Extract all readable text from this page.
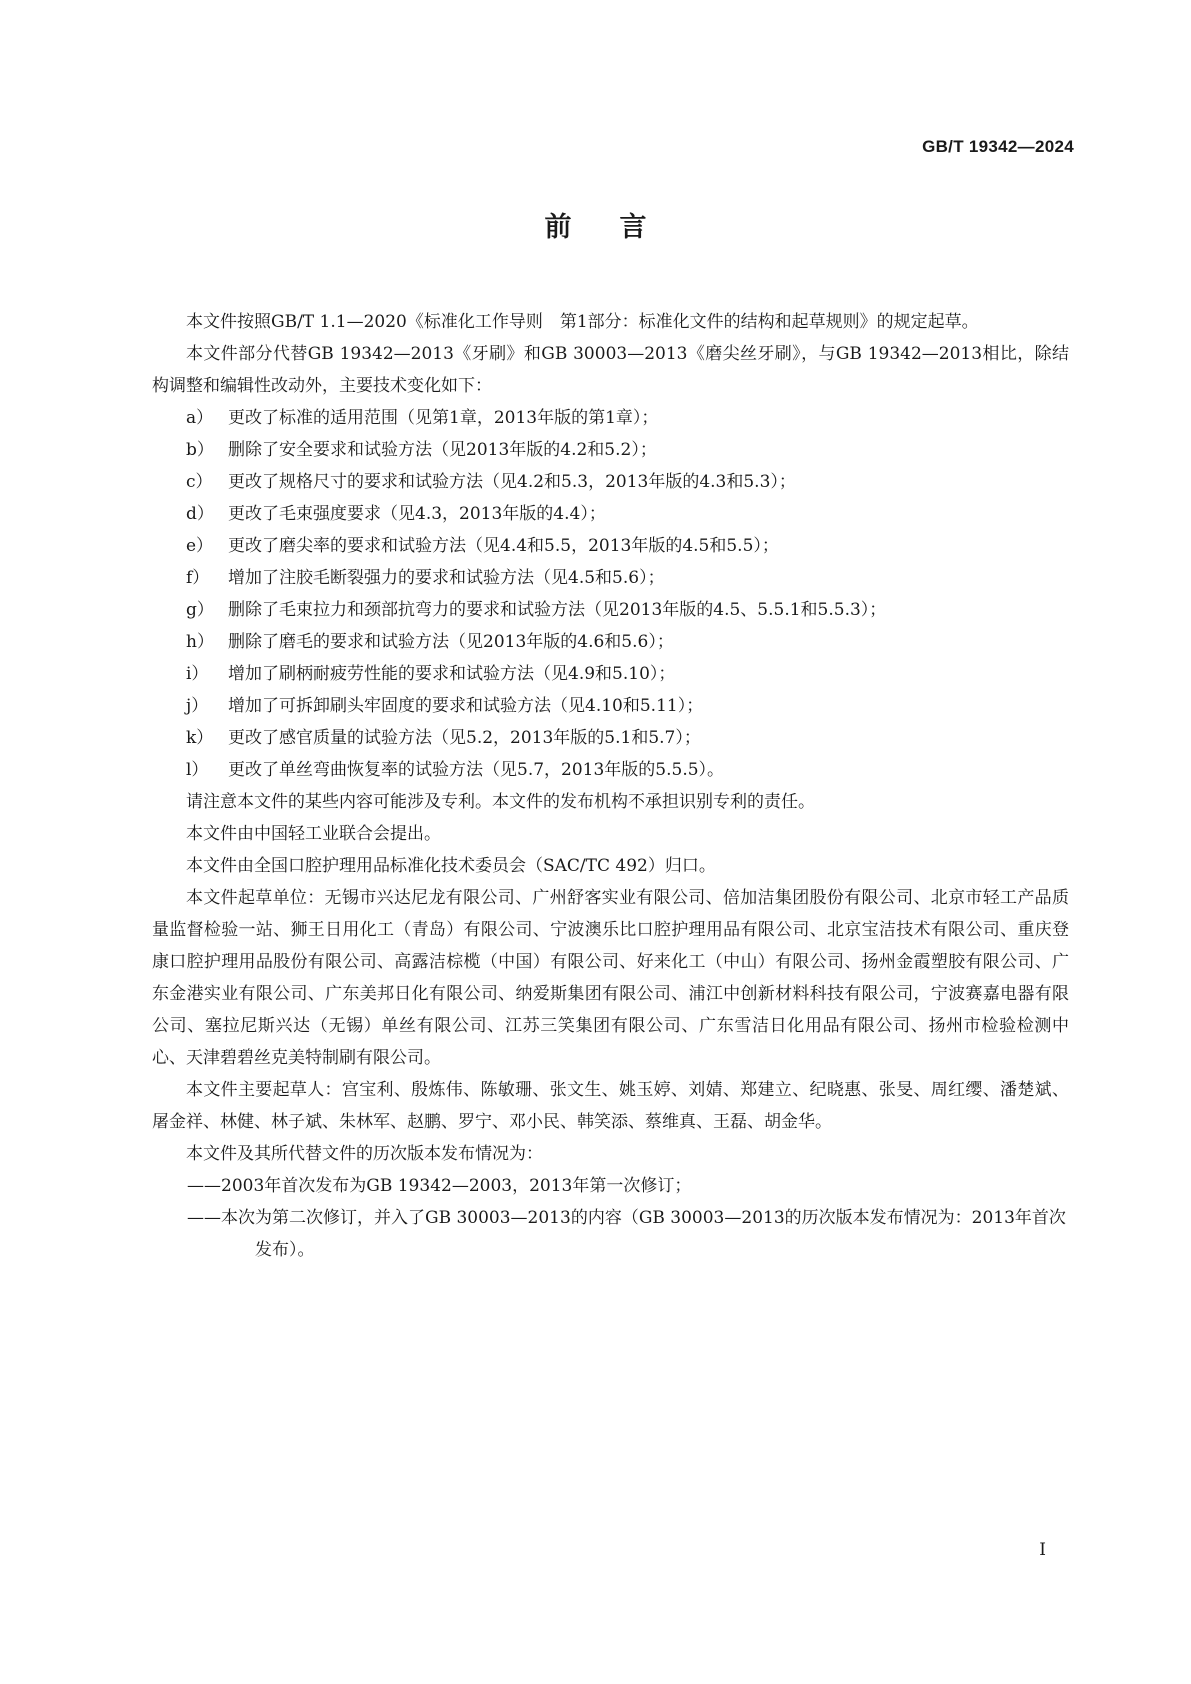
GB/T 19342—2024
前 言

本文件按照GB/T 1.1—2020《标准化工作导则　第1部分：标准化文件的结构和起草规则》的规定起草。

本文件部分代替GB 19342—2013《牙刷》和GB 30003—2013《磨尖丝牙刷》，与GB 19342—2013相比，除结构调整和编辑性改动外，主要技术变化如下：

a） 更改了标准的适用范围（见第1章，2013年版的第1章）；

b） 删除了安全要求和试验方法（见2013年版的4.2和5.2）；

c） 更改了规格尺寸的要求和试验方法（见4.2和5.3，2013年版的4.3和5.3）；

d） 更改了毛束强度要求（见4.3，2013年版的4.4）；

e） 更改了磨尖率的要求和试验方法（见4.4和5.5，2013年版的4.5和5.5）；

f） 增加了注胶毛断裂强力的要求和试验方法（见4.5和5.6）；

g） 删除了毛束拉力和颈部抗弯力的要求和试验方法（见2013年版的4.5、5.5.1和5.5.3）；

h） 删除了磨毛的要求和试验方法（见2013年版的4.6和5.6）；

i） 增加了刷柄耐疲劳性能的要求和试验方法（见4.9和5.10）；

j） 增加了可拆卸刷头牢固度的要求和试验方法（见4.10和5.11）；

k） 更改了感官质量的试验方法（见5.2，2013年版的5.1和5.7）；

l） 更改了单丝弯曲恢复率的试验方法（见5.7，2013年版的5.5.5）。

请注意本文件的某些内容可能涉及专利。本文件的发布机构不承担识别专利的责任。

本文件由中国轻工业联合会提出。

本文件由全国口腔护理用品标准化技术委员会（SAC/TC 492）归口。

本文件起草单位：无锡市兴达尼龙有限公司、广州舒客实业有限公司、倍加洁集团股份有限公司、北京市轻工产品质量监督检验一站、狮王日用化工（青岛）有限公司、宁波澳乐比口腔护理用品有限公司、北京宝洁技术有限公司、重庆登康口腔护理用品股份有限公司、高露洁棕榄（中国）有限公司、好来化工（中山）有限公司、扬州金霞塑胶有限公司、广东金港实业有限公司、广东美邦日化有限公司、纳爱斯集团有限公司、浦江中创新材料科技有限公司，宁波赛嘉电器有限公司、塞拉尼斯兴达（无锡）单丝有限公司、江苏三笑集团有限公司、广东雪洁日化用品有限公司、扬州市检验检测中心、天津碧碧丝克美特制刷有限公司。

本文件主要起草人：宫宝利、殷炼伟、陈敏珊、张文生、姚玉婷、刘婧、郑建立、纪晓惠、张旻、周红缨、潘楚斌、屠金祥、林健、林子斌、朱林军、赵鹏、罗宁、邓小民、韩笑添、蔡维真、王磊、胡金华。

本文件及其所代替文件的历次版本发布情况为：

——2003年首次发布为GB 19342—2003，2013年第一次修订；

——本次为第二次修订，并入了GB 30003—2013的内容（GB 30003—2013的历次版本发布情况为：2013年首次发布）。

I
